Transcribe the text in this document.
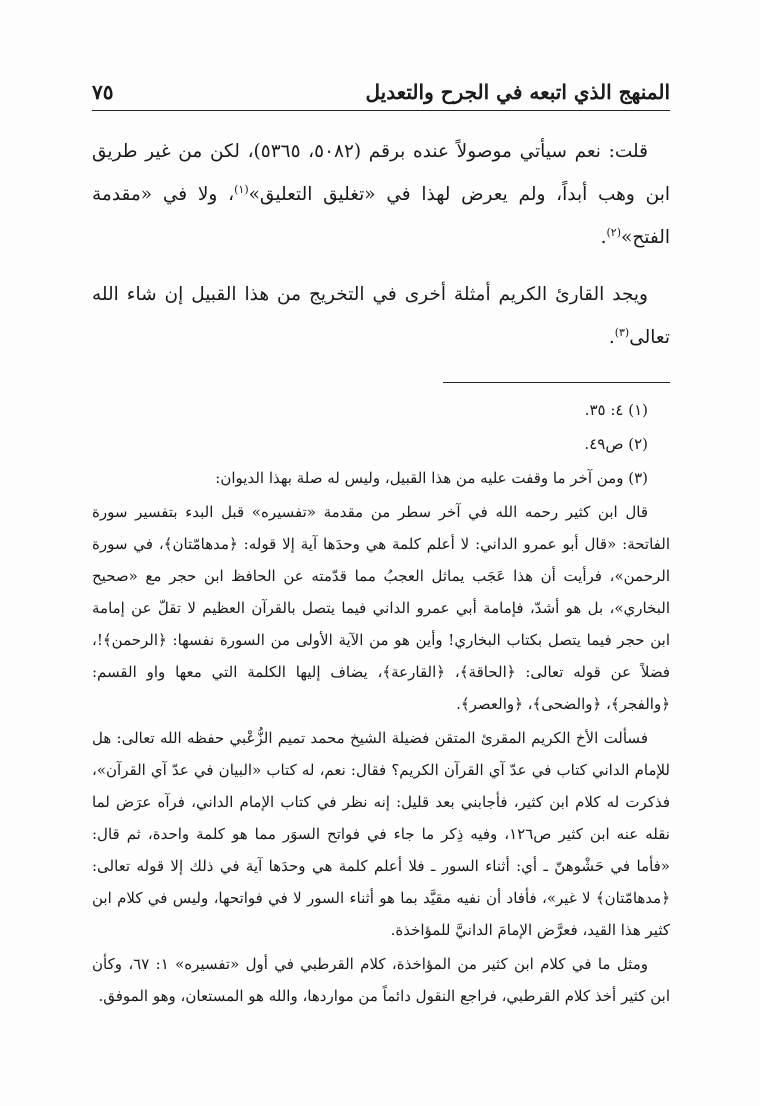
المنهج الذي اتبعه في الجرح والتعديل
٧٥

قلت: نعم سيأتي موصولاً عنده برقم (٥٠٨٢، ٥٣٦٥)، لكن من غير طريق ابن وهب أبداً، ولم يعرض لهذا في «تغليق التعليق»$^{(١)}$، ولا في «مقدمة الفتح»$^{(٢)}$.

ويجد القارئ الكريم أمثلة أخرى في التخريج من هذا القبيل إن شاء الله تعالى$^{(٣)}$.

(١) ٤: ٣٥.

(٢) ص٤٩.

(٣) ومن آخر ما وقفت عليه من هذا القبيل، وليس له صلة بهذا الديوان:

قال ابن كثير رحمه الله في آخر سطر من مقدمة «تفسيره» قبل البدء بتفسير سورة الفاتحة: «قال أبو عمرو الداني: لا أعلم كلمة هي وحدَها آية إلا قوله: ﴿مدهامّتان﴾، في سورة الرحمن»، فرأيت أن هذا عَجَب يماثل العجبُ مما قدّمته عن الحافظ ابن حجر مع «صحيح البخاري»، بل هو أشدّ، فإمامة أبي عمرو الداني فيما يتصل بالقرآن العظيم لا تقلّ عن إمامة ابن حجر فيما يتصل بكتاب البخاري! وأين هو من الآية الأولى من السورة نفسها: ﴿الرحمن﴾!، فضلاً عن قوله تعالى: ﴿الحاقة﴾، ﴿القارعة﴾، يضاف إليها الكلمة التي معها واو القسم: ﴿والفجر﴾، ﴿والضحى﴾، ﴿والعصر﴾.

فسألت الأخ الكريم المقرئ المتقن فضيلة الشيخ محمد تميم الزُّعْبي حفظه الله تعالى: هل للإمام الداني كتاب في عدّ آي القرآن الكريم؟ فقال: نعم، له كتاب «البيان في عدّ آي القرآن»، فذكرت له كلام ابن كثير، فأجابني بعد قليل: إنه نظر في كتاب الإمام الداني، فرآه عرَض لما نقله عنه ابن كثير ص١٢٦، وفيه ذِكر ما جاء في فواتح السوَر مما هو كلمة واحدة، ثم قال: «فأما في حَشْوهنّ ـ أي: أثناء السور ـ فلا أعلم كلمة هي وحدَها آية في ذلك إلا قوله تعالى: ﴿مدهامّتان﴾ لا غير»، فأفاد أن نفيه مقيَّد بما هو أثناء السور لا في فواتحها، وليس في كلام ابن كثير هذا القيد، فعرَّض الإمامَ الدانيَّ للمؤاخذة.

ومثل ما في كلام ابن كثير من المؤاخذة، كلام القرطبي في أول «تفسيره» ١: ٦٧، وكأن ابن كثير أخذ كلام القرطبي، فراجع النقول دائماً من مواردها، والله هو المستعان، وهو الموفق.
